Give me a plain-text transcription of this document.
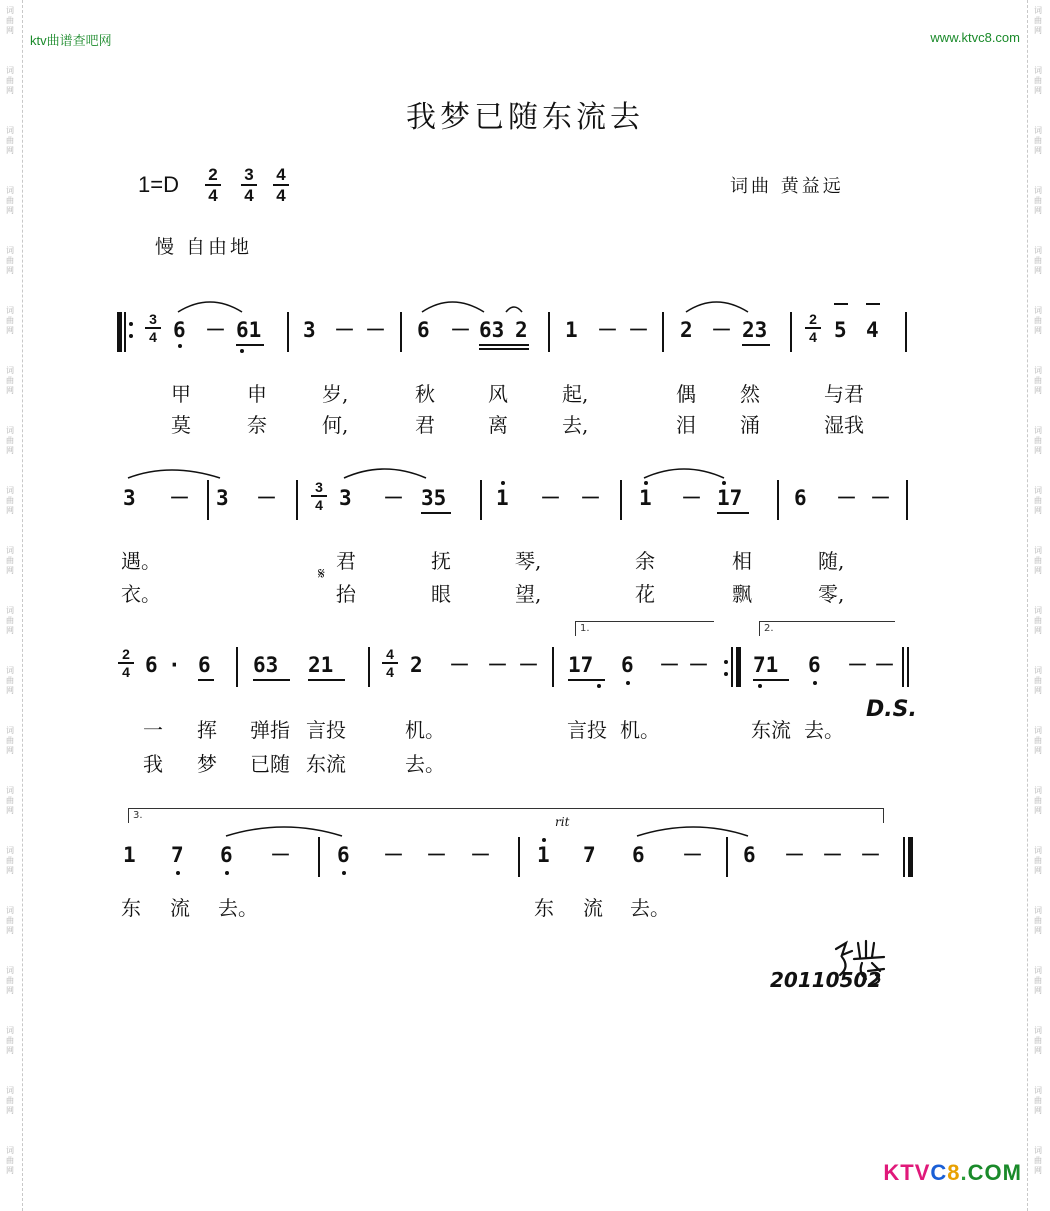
词
曲
网
词
曲
网
词
曲
网
词
曲
网
词
曲
网
词
曲
网
词
曲
网
词
曲
网
词
曲
网
词
曲
网
词
曲
网
词
曲
网
词
曲
网
词
曲
网
词
曲
网
词
曲
网
词
曲
网
词
曲
网
词
曲
网
词
曲
网
词
曲
网
词
曲
网
词
曲
网
词
曲
网
词
曲
网
词
曲
网
词
曲
网
词
曲
网
词
曲
网
词
曲
网
词
曲
网
词
曲
网
词
曲
网
词
曲
网
词
曲
网
词
曲
网
词
曲
网
词
曲
网
词
曲
网
词
曲
网
ktv曲谱查吧网	www.ktvc8.com
我梦已随东流去
1=D 2
4
3
4
4
4	词曲 黄益远
慢 自由地
3
4 6 － 61 3 － － 6 － 63 2 1 － － 2 － 23	2
4 5 4
甲	申	岁,	秋	风	起,	偶 然	与君
莫	奈	何,	君	离	去,	泪 涌	湿我
3 － 3 －	3
4 3 － 35 1 － － 1 － 17 6 － －
遇。	君	抚	琴,	余	相	随,
𝄋
衣。	抬	眼	望,	花	飘	零,
2
4 6 · 6 63 21	4
4 2 － － －
1.
17 6 － －
2.
71 6 － －
一 挥 弹指 言投	机。	言投 机。	东流 去。
D.S.
我 梦 已随 东流	去。
3.	rit
1 7 6 － 6 － － － 1 7 6 － 6 － － －
东 流 去。	东 流 去。
20110502
KTVC8.COM
